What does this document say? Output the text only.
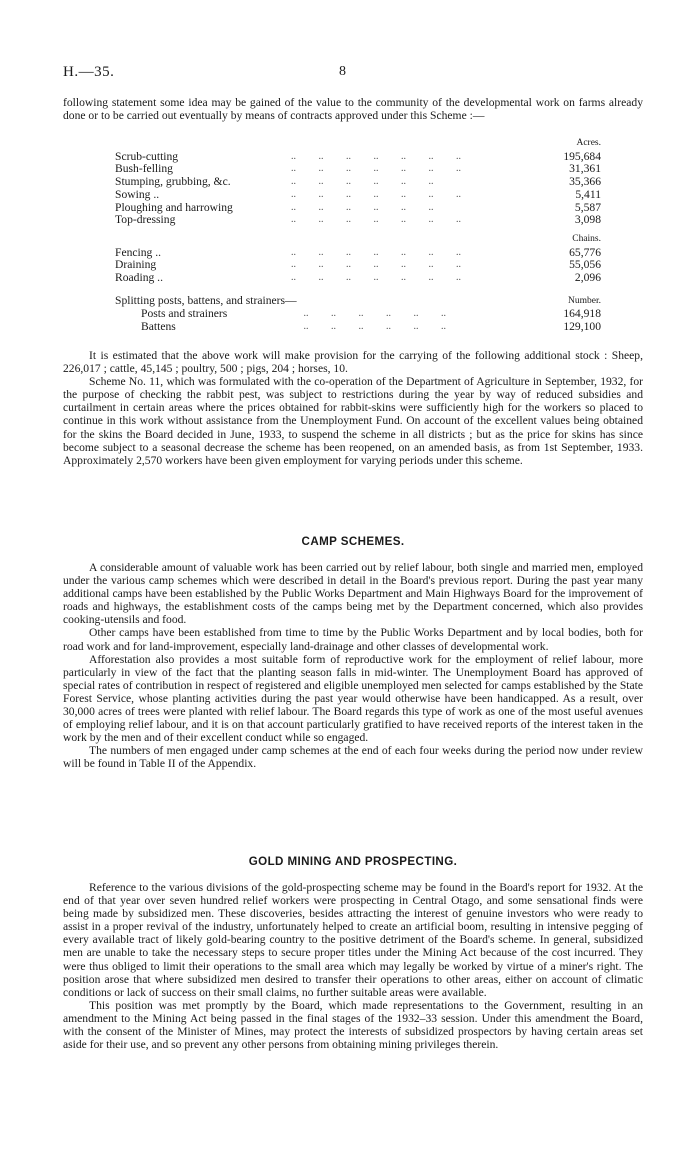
H.—35.	8

following statement some idea may be gained of the value to the community of the developmental work on farms already done or to be carried out eventually by means of contracts approved under this Scheme :—

		Acres.
Scrub-cutting	..         ..         ..         ..         ..         ..         ..	195,684
Bush-felling	..         ..         ..         ..         ..         ..         ..	31,361
Stumping, grubbing, &c.	..         ..         ..         ..         ..         ..	35,366
Sowing ..	..         ..         ..         ..         ..         ..         ..	5,411
Ploughing and harrowing	..         ..         ..         ..         ..         ..	5,587
Top-dressing	..         ..         ..         ..         ..         ..         ..	3,098

		Chains.
Fencing ..	..         ..         ..         ..         ..         ..         ..	65,776
Draining	..         ..         ..         ..         ..         ..         ..	55,056
Roading ..	..         ..         ..         ..         ..         ..         ..	2,096

Splitting posts, battens, and strainers—		Number.
Posts and strainers	..         ..         ..         ..         ..         ..	164,918
Battens	..         ..         ..         ..         ..         ..	129,100

It is estimated that the above work will make provision for the carrying of the following additional stock : Sheep, 226,017 ; cattle, 45,145 ; poultry, 500 ; pigs, 204 ; horses, 10.

Scheme No. 11, which was formulated with the co-operation of the Department of Agriculture in September, 1932, for the purpose of checking the rabbit pest, was subject to restrictions during the year by way of reduced subsidies and curtailment in certain areas where the prices obtained for rabbit-skins were sufficiently high for the workers so placed to continue in this work without assistance from the Unemployment Fund. On account of the excellent values being obtained for the skins the Board decided in June, 1933, to suspend the scheme in all districts ; but as the price for skins has since become subject to a seasonal decrease the scheme has been reopened, on an amended basis, as from 1st September, 1933. Approximately 2,570 workers have been given employment for varying periods under this scheme.

CAMP SCHEMES.

A considerable amount of valuable work has been carried out by relief labour, both single and married men, employed under the various camp schemes which were described in detail in the Board's previous report. During the past year many additional camps have been established by the Public Works Department and Main Highways Board for the improvement of roads and highways, the establishment costs of the camps being met by the Department concerned, which also provides cooking-utensils and food.

Other camps have been established from time to time by the Public Works Department and by local bodies, both for road work and for land-improvement, especially land-drainage and other classes of developmental work.

Afforestation also provides a most suitable form of reproductive work for the employment of relief labour, more particularly in view of the fact that the planting season falls in mid-winter. The Unemployment Board has approved of special rates of contribution in respect of registered and eligible unemployed men selected for camps established by the State Forest Service, whose planting activities during the past year would otherwise have been handicapped. As a result, over 30,000 acres of trees were planted with relief labour. The Board regards this type of work as one of the most useful avenues of employing relief labour, and it is on that account particularly gratified to have received reports of the interest taken in the work by the men and of their excellent conduct while so engaged.

The numbers of men engaged under camp schemes at the end of each four weeks during the period now under review will be found in Table II of the Appendix.

GOLD MINING AND PROSPECTING.

Reference to the various divisions of the gold-prospecting scheme may be found in the Board's report for 1932. At the end of that year over seven hundred relief workers were prospecting in Central Otago, and some sensational finds were being made by subsidized men. These discoveries, besides attracting the interest of genuine investors who were ready to assist in a proper revival of the industry, unfortunately helped to create an artificial boom, resulting in intensive pegging of every available tract of likely gold-bearing country to the positive detriment of the Board's scheme. In general, subsidized men are unable to take the necessary steps to secure proper titles under the Mining Act because of the cost incurred. They were thus obliged to limit their operations to the small area which may legally be worked by virtue of a miner's right. The position arose that where subsidized men desired to transfer their operations to other areas, either on account of climatic conditions or lack of success on their small claims, no further suitable areas were available.

This position was met promptly by the Board, which made representations to the Government, resulting in an amendment to the Mining Act being passed in the final stages of the 1932–33 session. Under this amendment the Board, with the consent of the Minister of Mines, may protect the interests of subsidized prospectors by having certain areas set aside for their use, and so prevent any other persons from obtaining mining privileges therein.
